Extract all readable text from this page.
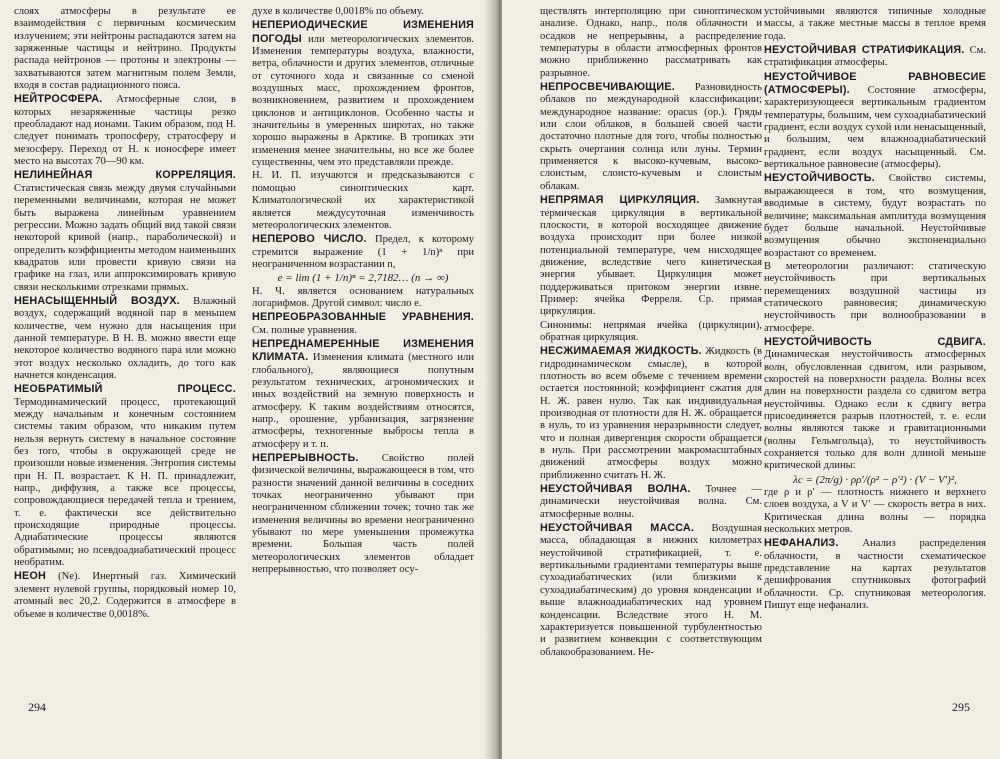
слоях атмосферы в результате ее взаимодействия с первичным космическим излучением; эти нейтроны распадаются затем на заряженные частицы и нейтрино. Продукты распада нейтронов — протоны и электроны — захватываются затем магнитным полем Земли, входя в состав радиационного пояса.

НЕЙТРОСФЕРА. Атмосферные слои, в которых незаряженные частицы резко преобладают над ионами. Таким образом, под Н. следует понимать тропосферу, стратосферу и мезосферу. Переход от Н. к ионосфере имеет место на высотах 70—90 км.

НЕЛИНЕЙНАЯ КОРРЕЛЯЦИЯ. Статистическая связь между двумя случайными переменными величинами, которая не может быть выражена линейным уравнением регрессии. Можно задать общий вид такой связи некоторой кривой (напр., параболической) и определить коэффициенты методом наименьших квадратов или провести кривую связи на графике на глаз, или аппроксимировать кривую связи несколькими отрезками прямых.

НЕНАСЫЩЕННЫЙ ВОЗДУХ. Влажный воздух, содержащий водяной пар в меньшем количестве, чем нужно для насыщения при данной температуре. В Н. В. можно ввести еще некоторое количество водяного пара или можно этот воздух несколько охладить, до того как начнется конденсация.

НЕОБРАТИМЫЙ ПРОЦЕСС. Термодинамический процесс, протекающий между начальным и конечным состоянием системы таким образом, что никаким путем нельзя вернуть систему в начальное состояние без того, чтобы в окружающей среде не произошли новые изменения. Энтропия системы при Н. П. возрастает. К Н. П. принадлежит, напр., диффузия, а также все процессы, сопровождающиеся передачей тепла и трением, т. е. фактически все действительно происходящие природные процессы. Адиабатические процессы являются обратимыми; но псевдоадиабатический процесс необратим.

НЕОН (Ne). Инертный газ. Химический элемент нулевой группы, порядковый номер 10, атомный вес 20,2. Содержится в атмосфере в объеме в количестве 0,0018%.

духе в количестве 0,0018% по объему.

НЕПЕРИОДИЧЕСКИЕ ИЗМЕНЕНИЯ ПОГОДЫ или метеорологических элементов. Изменения температуры воздуха, влажности, ветра, облачности и других элементов, отличные от суточного хода и связанные со сменой воздушных масс, прохождением фронтов, возникновением, развитием и прохождением циклонов и антициклонов. Особенно часты и значительны в умеренных широтах, но также хорошо выражены в Арктике. В тропиках эти изменения менее значительны, но все же более существенны, чем это представляли прежде.

Н. И. П. изучаются и предсказываются с помощью синоптических карт. Климатологической их характеристикой является междусуточная изменчивость метеорологических элементов.

НЕПЕРОВО ЧИСЛО. Предел, к которому стремится выражение (1 + 1/n)ⁿ при неограниченном возрастании n,

e = lim (1 + 1/n)ⁿ = 2,7182… (n → ∞)

Н. Ч. является основанием натуральных логарифмов. Другой символ: число e.

НЕПРЕОБРАЗОВАННЫЕ УРАВНЕНИЯ. См. полные уравнения.

НЕПРЕДНАМЕРЕННЫЕ ИЗМЕНЕНИЯ КЛИМАТА. Изменения климата (местного или глобального), являющиеся попутным результатом технических, агрономических и иных воздействий на земную поверхность и атмосферу. К таким воздействиям относятся, напр., орошение, урбанизация, загрязнение атмосферы, техногенные выбросы тепла в атмосферу и т. п.

НЕПРЕРЫВНОСТЬ. Свойство полей физической величины, выражающееся в том, что разности значений данной величины в соседних точках неограниченно убывают при неограниченном сближении точек; точно так же изменения величины во времени неограниченно убывают по мере уменьшения промежутка времени. Большая часть полей метеорологических элементов обладает непрерывностью, что позволяет осу-

294

ществлять интерполяцию при синоптическом анализе. Однако, напр., поля облачности и осадков не непрерывны, а распределение температуры в области атмосферных фронтов можно приближенно рассматривать как разрывное.

НЕПРОСВЕЧИВАЮЩИЕ. Разновидность облаков по международной классификации; международное название: opacus (op.). Гряды или слои облаков, в большей своей части достаточно плотные для того, чтобы полностью скрыть очертания солнца или луны. Термин применяется к высоко-кучевым, высоко-слоистым, слоисто-кучевым и слоистым облакам.

НЕПРЯМАЯ ЦИРКУЛЯЦИЯ. Замкнутая термическая циркуляция в вертикальной плоскости, в которой восходящее движение воздуха происходит при более низкой потенциальной температуре, чем нисходящее движение, вследствие чего кинетическая энергия убывает. Циркуляция может поддерживаться притоком энергии извне. Пример: ячейка Ферреля. Ср. прямая циркуляция.

Синонимы: непрямая ячейка (циркуляции), обратная циркуляция.

НЕСЖИМАЕМАЯ ЖИДКОСТЬ. Жидкость (в гидродинамическом смысле), в которой плотность во всем объеме с течением времени остается постоянной; коэффициент сжатия для Н. Ж. равен нулю. Так как индивидуальная производная от плотности для Н. Ж. обращается в нуль, то из уравнения неразрывности следует, что и полная дивергенция скорости обращается в нуль. При рассмотрении макромасштабных движений атмосферы воздух можно приближенно считать Н. Ж.

НЕУСТОЙЧИВАЯ ВОЛНА. Точнее — динамически неустойчивая волна. См. атмосферные волны.

НЕУСТОЙЧИВАЯ МАССА. Воздушная масса, обладающая в нижних километрах неустойчивой стратификацией, т. е. вертикальными градиентами температуры выше сухоадиабатических (или близкими к сухоадиабатическим) до уровня конденсации и выше влажноадиабатических над уровнем конденсации. Вследствие этого Н. М. характеризуется повышенной турбулентностью и развитием конвекции с соответствующим облакообразованием. Не-

устойчивыми являются типичные холодные массы, а также местные массы в теплое время года.

НЕУСТОЙЧИВАЯ СТРАТИФИКАЦИЯ. См. стратификация атмосферы.

НЕУСТОЙЧИВОЕ РАВНОВЕСИЕ (АТМОСФЕРЫ). Состояние атмосферы, характеризующееся вертикальным градиентом температуры, большим, чем сухоадиабатический градиент, если воздух сухой или ненасыщенный, и большим, чем влажноадиабатический градиент, если воздух насыщенный. См. вертикальное равновесие (атмосферы).

НЕУСТОЙЧИВОСТЬ. Свойство системы, выражающееся в том, что возмущения, вводимые в систему, будут возрастать по величине; максимальная амплитуда возмущения будет больше начальной. Неустойчивые возмущения обычно экспоненциально возрастают со временем.

В метеорологии различают: статическую неустойчивость при вертикальных перемещениях воздушной частицы из статического равновесия; динамическую неустойчивость при волнообразовании в атмосфере.

НЕУСТОЙЧИВОСТЬ СДВИГА. Динамическая неустойчивость атмосферных волн, обусловленная сдвигом, или разрывом, скоростей на поверхности раздела. Волны всех длин на поверхности раздела со сдвигом ветра неустойчивы. Однако если к сдвигу ветра присоединяется разрыв плотностей, т. е. если волны являются также и гравитационными (волны Гельмгольца), то неустойчивость сохраняется только для волн длиной меньше критической длины:

λc = (2π/g) · ρρ′/(ρ² − ρ′²) · (V − V′)²,

где ρ и ρ′ — плотность нижнего и верхнего слоев воздуха, а V и V′ — скорость ветра в них. Критическая длина волны — порядка нескольких метров.

НЕФАНАЛИЗ. Анализ распределения облачности, в частности схематическое представление на картах результатов дешифрования спутниковых фотографий облачности. Ср. спутниковая метеорология. Пишут еще нефанализ.

295
